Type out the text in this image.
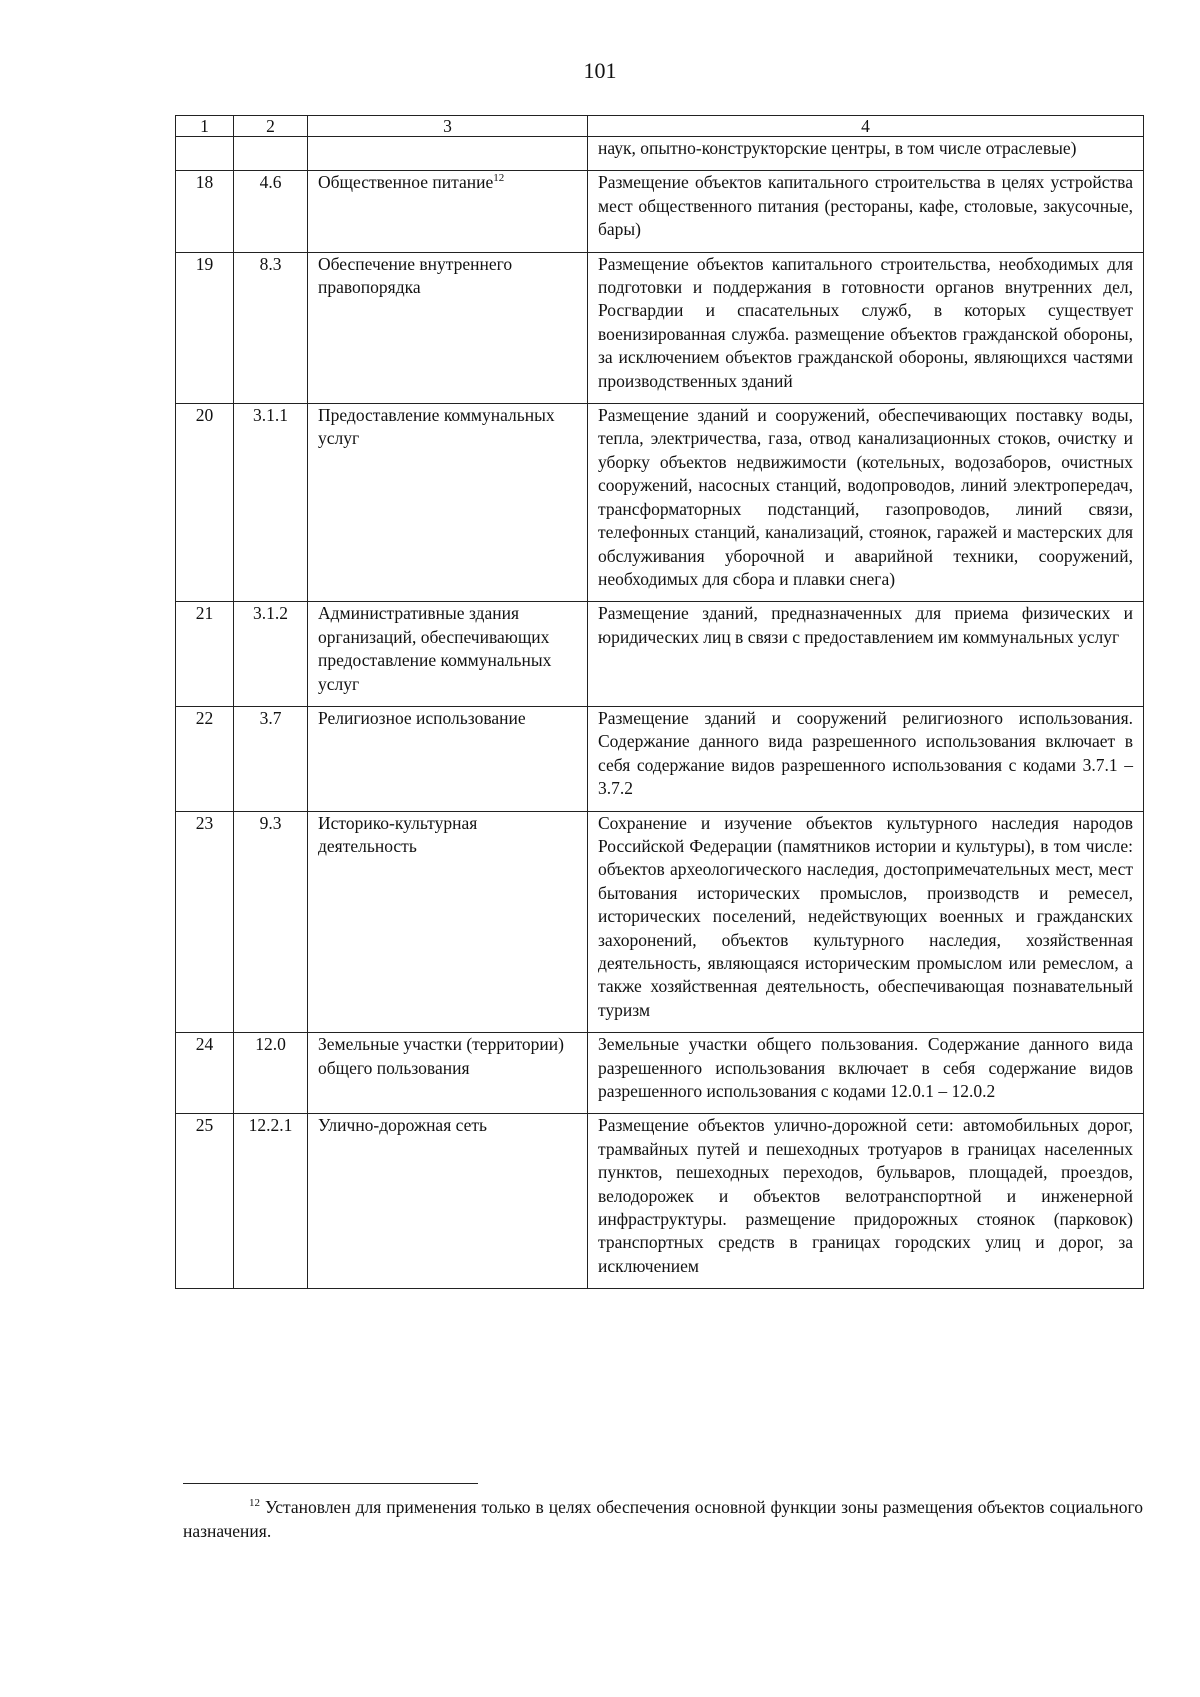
101
1	2	3	4
			наук, опытно-конструкторские центры, в том числе отраслевые)
18	4.6	Общественное питание$^{12}$	Размещение объектов капитального строительства в целях устройства мест общественного питания (рестораны, кафе, столовые, закусочные, бары)
19	8.3	Обеспечение внутреннего правопорядка	Размещение объектов капитального строительства, необходимых для подготовки и поддержания в готовности органов внутренних дел, Росгвардии и спасательных служб, в которых существует военизированная служба. размещение объектов гражданской обороны, за исключением объектов гражданской обороны, являющихся частями производственных зданий
20	3.1.1	Предоставление коммунальных услуг	Размещение зданий и сооружений, обеспечивающих поставку воды, тепла, электричества, газа, отвод канализационных стоков, очистку и уборку объектов недвижимости (котельных, водозаборов, очистных сооружений, насосных станций, водопроводов, линий электропередач, трансформаторных подстанций, газопроводов, линий связи, телефонных станций, канализаций, стоянок, гаражей и мастерских для обслуживания уборочной и аварийной техники, сооружений, необходимых для сбора и плавки снега)
21	3.1.2	Административные здания организаций, обеспечивающих предоставление коммунальных услуг	Размещение зданий, предназначенных для приема физических и юридических лиц в связи с предоставлением им коммунальных услуг
22	3.7	Религиозное использование	Размещение зданий и сооружений религиозного использования. Содержание данного вида разрешенного использования включает в себя содержание видов разрешенного использования с кодами 3.7.1 – 3.7.2
23	9.3	Историко-культурная деятельность	Сохранение и изучение объектов культурного наследия народов Российской Федерации (памятников истории и культуры), в том числе: объектов археологического наследия, достопримечательных мест, мест бытования исторических промыслов, производств и ремесел, исторических поселений, недействующих военных и гражданских захоронений, объектов культурного наследия, хозяйственная деятельность, являющаяся историческим промыслом или ремеслом, а также хозяйственная деятельность, обеспечивающая познавательный туризм
24	12.0	Земельные участки (территории) общего пользования	Земельные участки общего пользования. Содержание данного вида разрешенного использования включает в себя содержание видов разрешенного использования с кодами 12.0.1 – 12.0.2
25	12.2.1	Улично-дорожная сеть	Размещение объектов улично-дорожной сети: автомобильных дорог, трамвайных путей и пешеходных тротуаров в границах населенных пунктов, пешеходных переходов, бульваров, площадей, проездов, велодорожек и объектов велотранспортной и инженерной инфраструктуры. размещение придорожных стоянок (парковок) транспортных средств в границах городских улиц и дорог, за исключением
$^{12}$ Установлен для применения только в целях обеспечения основной функции зоны размещения объектов социального назначения.
